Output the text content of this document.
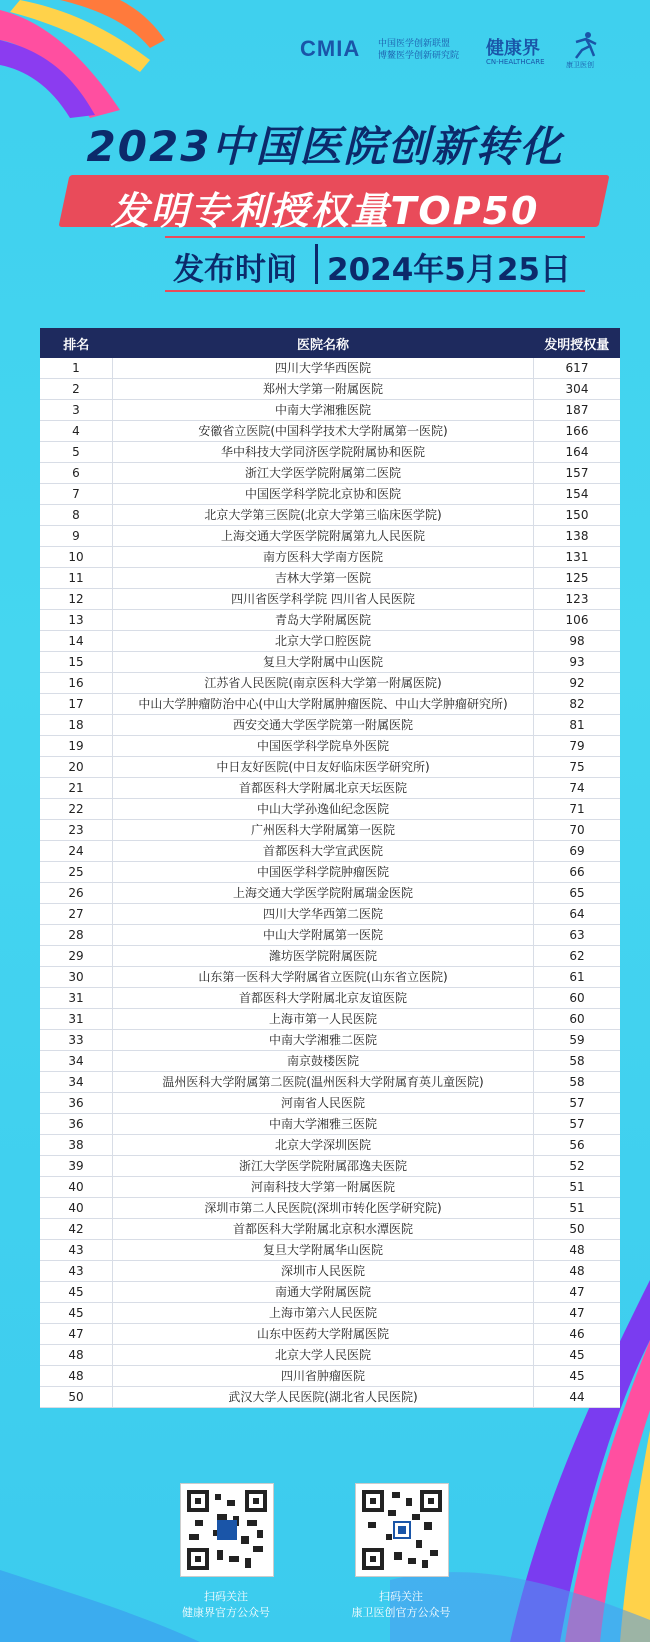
CMIA 中国医学创新联盟
博鳌医学创新研究院 健康界
CN-HEALTHCARE	康卫医创
2023中国医院创新转化
发明专利授权量TOP50
发布时间 2024年5月25日
排名	医院名称	发明授权量
1	四川大学华西医院	617
2	郑州大学第一附属医院	304
3	中南大学湘雅医院	187
4	安徽省立医院(中国科学技术大学附属第一医院)	166
5	华中科技大学同济医学院附属协和医院	164
6	浙江大学医学院附属第二医院	157
7	中国医学科学院北京协和医院	154
8	北京大学第三医院(北京大学第三临床医学院)	150
9	上海交通大学医学院附属第九人民医院	138
10	南方医科大学南方医院	131
11	吉林大学第一医院	125
12	四川省医学科学院 四川省人民医院	123
13	青岛大学附属医院	106
14	北京大学口腔医院	98
15	复旦大学附属中山医院	93
16	江苏省人民医院(南京医科大学第一附属医院)	92
17	中山大学肿瘤防治中心(中山大学附属肿瘤医院、中山大学肿瘤研究所)	82
18	西安交通大学医学院第一附属医院	81
19	中国医学科学院阜外医院	79
20	中日友好医院(中日友好临床医学研究所)	75
21	首都医科大学附属北京天坛医院	74
22	中山大学孙逸仙纪念医院	71
23	广州医科大学附属第一医院	70
24	首都医科大学宣武医院	69
25	中国医学科学院肿瘤医院	66
26	上海交通大学医学院附属瑞金医院	65
27	四川大学华西第二医院	64
28	中山大学附属第一医院	63
29	潍坊医学院附属医院	62
30	山东第一医科大学附属省立医院(山东省立医院)	61
31	首都医科大学附属北京友谊医院	60
31	上海市第一人民医院	60
33	中南大学湘雅二医院	59
34	南京鼓楼医院	58
34	温州医科大学附属第二医院(温州医科大学附属育英儿童医院)	58
36	河南省人民医院	57
36	中南大学湘雅三医院	57
38	北京大学深圳医院	56
39	浙江大学医学院附属邵逸夫医院	52
40	河南科技大学第一附属医院	51
40	深圳市第二人民医院(深圳市转化医学研究院)	51
42	首都医科大学附属北京积水潭医院	50
43	复旦大学附属华山医院	48
43	深圳市人民医院	48
45	南通大学附属医院	47
45	上海市第六人民医院	47
47	山东中医药大学附属医院	46
48	北京大学人民医院	45
48	四川省肿瘤医院	45
50	武汉大学人民医院(湖北省人民医院)	44
扫码关注
健康界官方公众号
扫码关注
康卫医创官方公众号
